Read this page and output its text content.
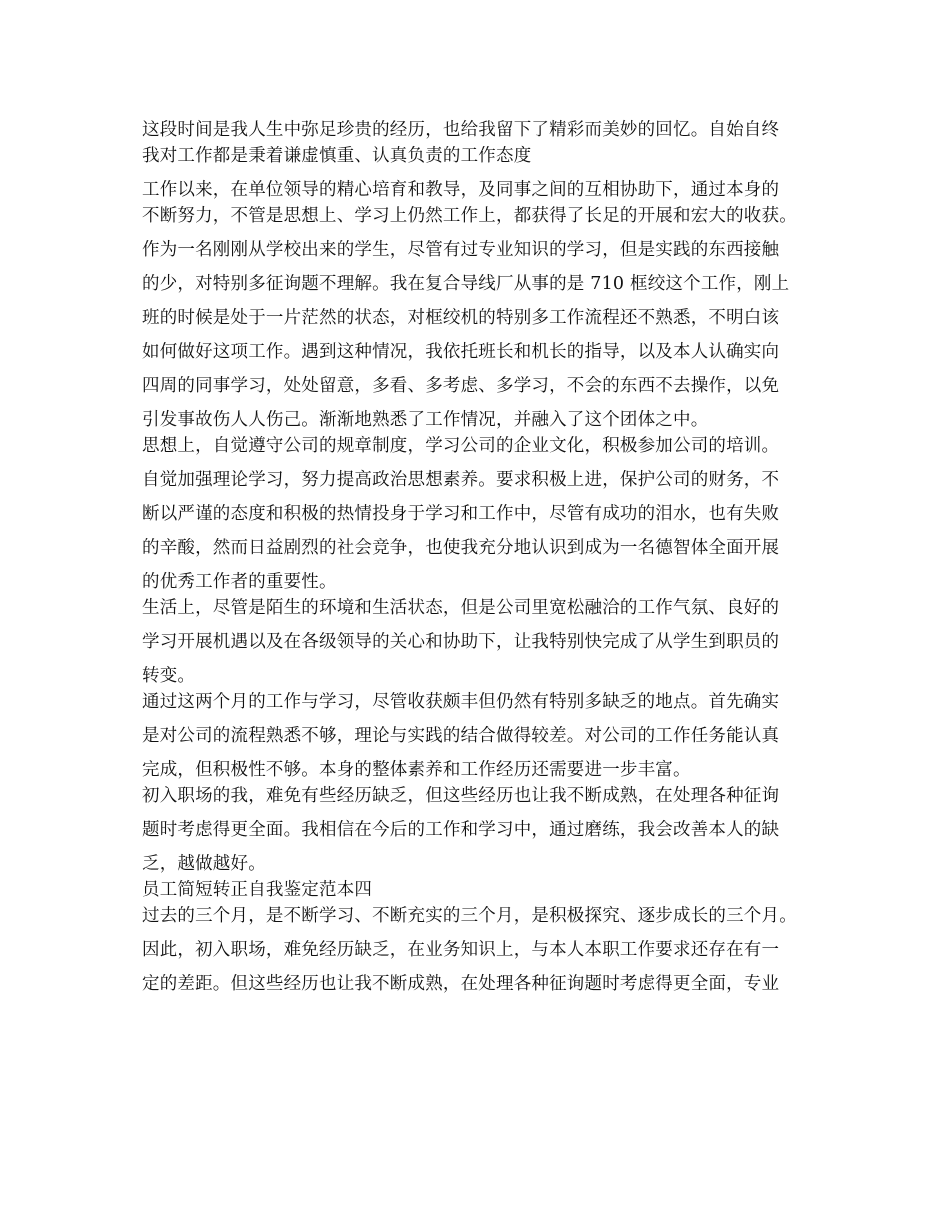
这段时间是我人生中弥足珍贵的经历，也给我留下了精彩而美妙的回忆。自始自终
我对工作都是秉着谦虚慎重、认真负责的工作态度
工作以来，在单位领导的精心培育和教导，及同事之间的互相协助下，通过本身的
不断努力，不管是思想上、学习上仍然工作上，都获得了长足的开展和宏大的收获。
作为一名刚刚从学校出来的学生，尽管有过专业知识的学习，但是实践的东西接触
的少，对特别多征询题不理解。我在复合导线厂从事的是 710 框绞这个工作，刚上
班的时候是处于一片茫然的状态，对框绞机的特别多工作流程还不熟悉，不明白该
如何做好这项工作。遇到这种情况，我依托班长和机长的指导，以及本人认确实向
四周的同事学习，处处留意，多看、多考虑、多学习，不会的东西不去操作，以免
引发事故伤人人伤己。渐渐地熟悉了工作情况，并融入了这个团体之中。
思想上，自觉遵守公司的规章制度，学习公司的企业文化，积极参加公司的培训。
自觉加强理论学习，努力提高政治思想素养。要求积极上进，保护公司的财务，不
断以严谨的态度和积极的热情投身于学习和工作中，尽管有成功的泪水，也有失败
的辛酸，然而日益剧烈的社会竞争，也使我充分地认识到成为一名德智体全面开展
的优秀工作者的重要性。
生活上，尽管是陌生的环境和生活状态，但是公司里宽松融洽的工作气氛、良好的
学习开展机遇以及在各级领导的关心和协助下，让我特别快完成了从学生到职员的
转变。
通过这两个月的工作与学习，尽管收获颇丰但仍然有特别多缺乏的地点。首先确实
是对公司的流程熟悉不够，理论与实践的结合做得较差。对公司的工作任务能认真
完成，但积极性不够。本身的整体素养和工作经历还需要进一步丰富。
初入职场的我，难免有些经历缺乏，但这些经历也让我不断成熟，在处理各种征询
题时考虑得更全面。我相信在今后的工作和学习中，通过磨练，我会改善本人的缺
乏，越做越好。
员工简短转正自我鉴定范本四
过去的三个月，是不断学习、不断充实的三个月，是积极探究、逐步成长的三个月。
因此，初入职场，难免经历缺乏，在业务知识上，与本人本职工作要求还存在有一
定的差距。但这些经历也让我不断成熟，在处理各种征询题时考虑得更全面，专业
